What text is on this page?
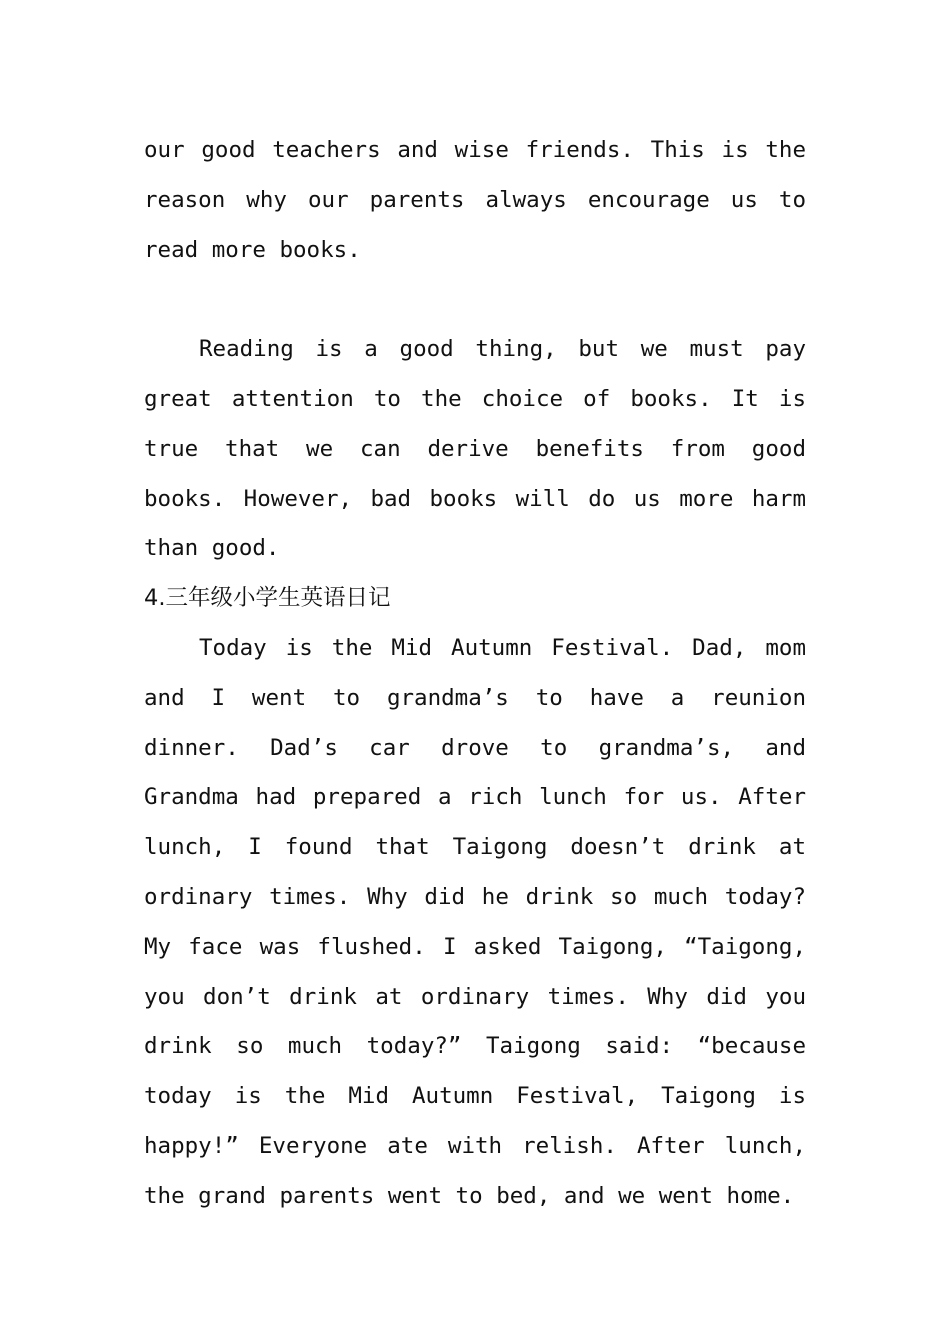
our good teachers and wise friends. This is the reason why our parents always encourage us to read more books.

Reading is a good thing, but we must pay great attention to the choice of books. It is true that we can derive benefits from good books. However, bad books will do us more harm than good.

4.三年级小学生英语日记

Today is the Mid Autumn Festival. Dad, mom and I went to grandma’s to have a reunion dinner. Dad’s car drove to grandma’s, and Grandma had prepared a rich lunch for us. After lunch, I found that Taigong doesn’t drink at ordinary times. Why did he drink so much today? My face was flushed. I asked Taigong, “Taigong, you don’t drink at ordinary times. Why did you drink so much today?” Taigong said: “because today is the Mid Autumn Festival, Taigong is happy!” Everyone ate with relish. After lunch, the grand parents went to bed, and we went home.
